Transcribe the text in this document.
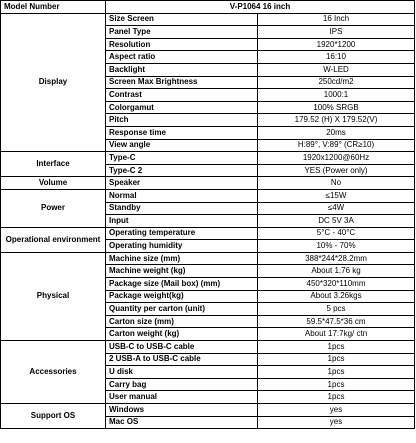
Model Number	V-P1064 16 inch	
Display	Size Screen	16 Inch
	Panel Type	IPS
	Resolution	1920*1200
	Aspect ratio	16:10
	Backlight	W-LED
	Screen Max Brightness	250cd/m2
	Contrast	1000:1
	Colorgamut	100% SRGB
	Pitch	179.52 (H) X 179.52(V)
	Response time	20ms
	View angle	H:89°, V:89° (CR≥10)
Interface	Type-C	1920x1200@60Hz
	Type-C 2	YES (Power only)
Volume	Speaker	No
Power	Normal	≤15W
	Standby	≤4W
	Input	DC 5V 3A
Operational environment	Operating temperature	5°C - 40°C
	Operating humidity	10% - 70%
Physical	Machine size (mm)	388*244*28.2mm
	Machine weight (kg)	About 1.76 kg
	Package size (Mail box) (mm)	450*320*110mm
	Package weight(kg)	About 3.26kgs
	Quantity per carton (unit)	5 pcs
	Carton size (mm)	59.5*47.5*36 cm
	Carton weight (kg)	About 17.7kg/ ctn
Accessories	USB-C to USB-C cable	1pcs
	2 USB-A to USB-C cable	1pcs
	U disk	1pcs
	Carry bag	1pcs
	User manual	1pcs
Support OS	Windows	yes
	Mac OS	yes
